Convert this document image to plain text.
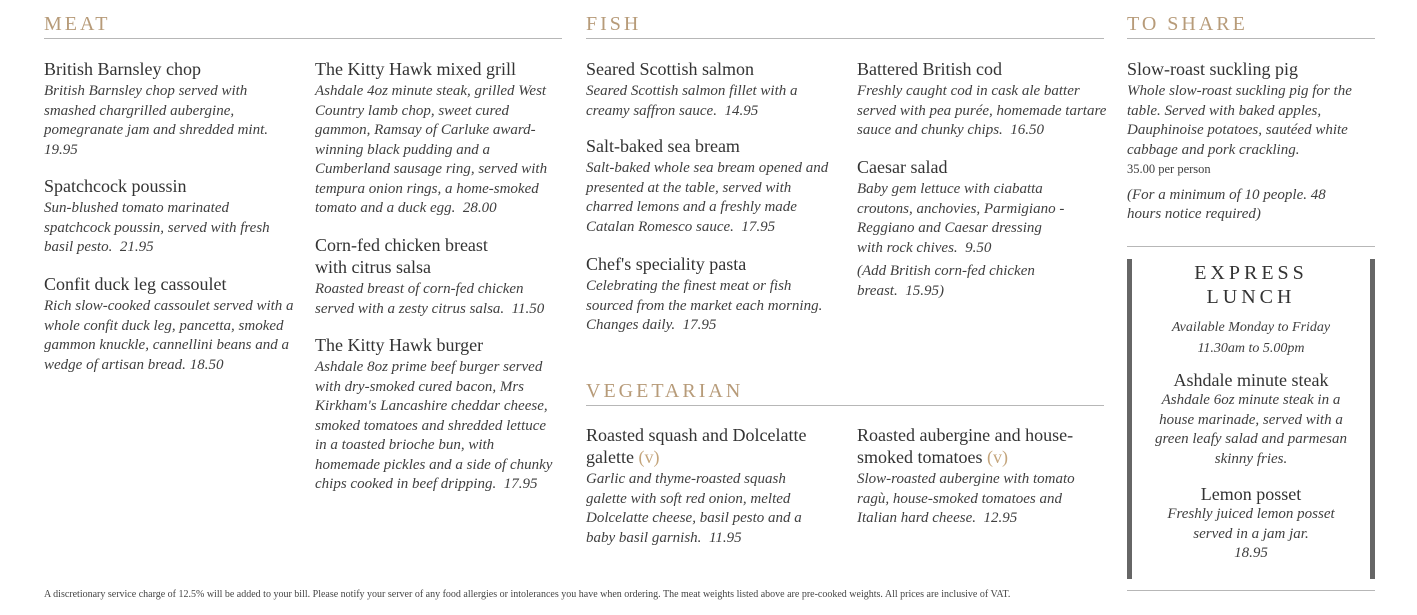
MEAT	FISH	TO SHARE
VEGETARIAN
British Barnsley chop
British Barnsley chop served with smashed chargrilled aubergine, pomegranate jam and shredded mint.  19.95
Spatchcock poussin
Sun-blushed tomato marinated spatchcock poussin, served with fresh basil pesto. 21.95
Confit duck leg cassoulet
Rich slow-cooked cassoulet served with a whole confit duck leg, pancetta, smoked gammon knuckle, cannellini beans and a wedge of artisan bread. 18.50
The Kitty Hawk mixed grill
Ashdale 4oz minute steak, grilled West Country lamb chop, sweet cured gammon, Ramsay of Carluke award-winning black pudding and a Cumberland sausage ring, served with tempura onion rings, a home-smoked tomato and a duck egg. 28.00
Corn-fed chicken breast with citrus salsa
Roasted breast of corn-fed chicken served with a zesty citrus salsa. 11.50
The Kitty Hawk burger
Ashdale 8oz prime beef burger served with dry-smoked cured bacon, Mrs Kirkham's Lancashire cheddar cheese, smoked tomatoes and shredded lettuce in a toasted brioche bun, with homemade pickles and a side of chunky chips cooked in beef dripping. 17.95
Seared Scottish salmon
Seared Scottish salmon fillet with a creamy saffron sauce. 14.95
Salt-baked sea bream
Salt-baked whole sea bream opened and presented at the table, served with charred lemons and a freshly made Catalan Romesco sauce. 17.95
Chef's speciality pasta
Celebrating the finest meat or fish sourced from the market each morning. Changes daily. 17.95
Battered British cod
Freshly caught cod in cask ale batter served with pea purée, homemade tartare sauce and chunky chips. 16.50
Caesar salad
Baby gem lettuce with ciabatta croutons, anchovies, Parmigiano -Reggiano and Caesar dressing with rock chives. 9.50
(Add British corn-fed chicken breast. 15.95)
Roasted squash and Dolcelatte galette (v)
Garlic and thyme-roasted squash galette with soft red onion, melted Dolcelatte cheese, basil pesto and a baby basil garnish. 11.95
Roasted aubergine and house-smoked tomatoes (v)
Slow-roasted aubergine with tomato ragù, house-smoked tomatoes and Italian hard cheese. 12.95
Slow-roast suckling pig
Whole slow-roast suckling pig for the table. Served with baked apples, Dauphinoise potatoes, sautéed white cabbage and pork crackling.
35.00 per person
(For a minimum of 10 people. 48 hours notice required)
EXPRESS LUNCH
Available Monday to Friday
11.30am to 5.00pm
Ashdale minute steak
Ashdale 6oz minute steak in a house marinade, served with a green leafy salad and parmesan skinny fries.
Lemon posset
Freshly juiced lemon posset served in a jam jar.
18.95
A discretionary service charge of 12.5% will be added to your bill. Please notify your server of any food allergies or intolerances you have when ordering. The meat weights listed above are pre-cooked weights. All prices are inclusive of VAT.
